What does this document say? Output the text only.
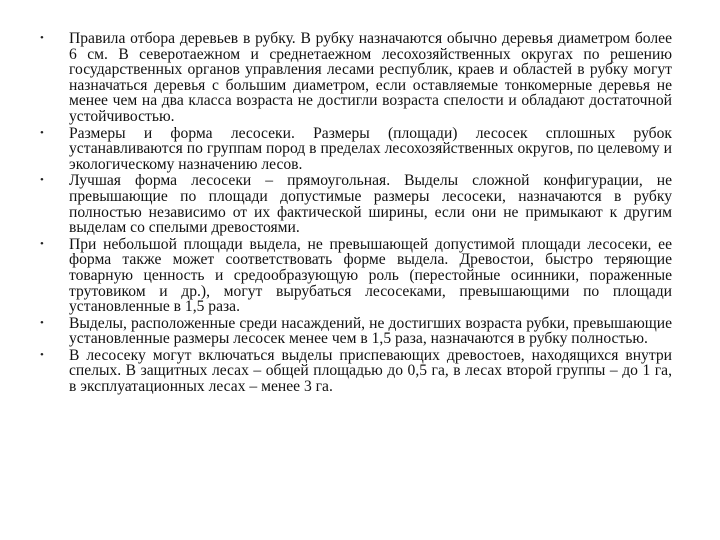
• Правила отбора деревьев в рубку. В рубку назначаются обычно деревья диаметром более 6 см. В северотаежном и среднетаежном лесохозяйственных округах по решению государственных органов управления лесами республик, краев и областей в рубку могут назначаться деревья с большим диаметром, если оставляемые тонкомерные деревья не менее чем на два класса возраста не достигли возраста спелости и обладают достаточной устойчивостью.
• Размеры и форма лесосеки. Размеры (площади) лесосек сплошных рубок устанавливаются по группам пород в пределах лесохозяйственных округов, по целевому и экологическому назначению лесов.
• Лучшая форма лесосеки – прямоугольная. Выделы сложной конфигурации, не превышающие по площади допустимые размеры лесосеки, назначаются в рубку полностью независимо от их фактической ширины, если они не примыкают к другим выделам со спелыми древостоями.
• При небольшой площади выдела, не превышающей допустимой площади лесосеки, ее форма также может соответствовать форме выдела. Древостои, быстро теряющие товарную ценность и средообразующую роль (перестойные осинники, пораженные трутовиком и др.), могут вырубаться лесосеками, превышающими по площади установленные в 1,5 раза.
• Выделы, расположенные среди насаждений, не достигших возраста рубки, превышающие установленные размеры лесосек менее чем в 1,5 раза, назначаются в рубку полностью.
• В лесосеку могут включаться выделы приспевающих древостоев, находящихся внутри спелых. В защитных лесах – общей площадью до 0,5 га, в лесах второй группы – до 1 га, в эксплуатационных лесах – менее 3 га.
